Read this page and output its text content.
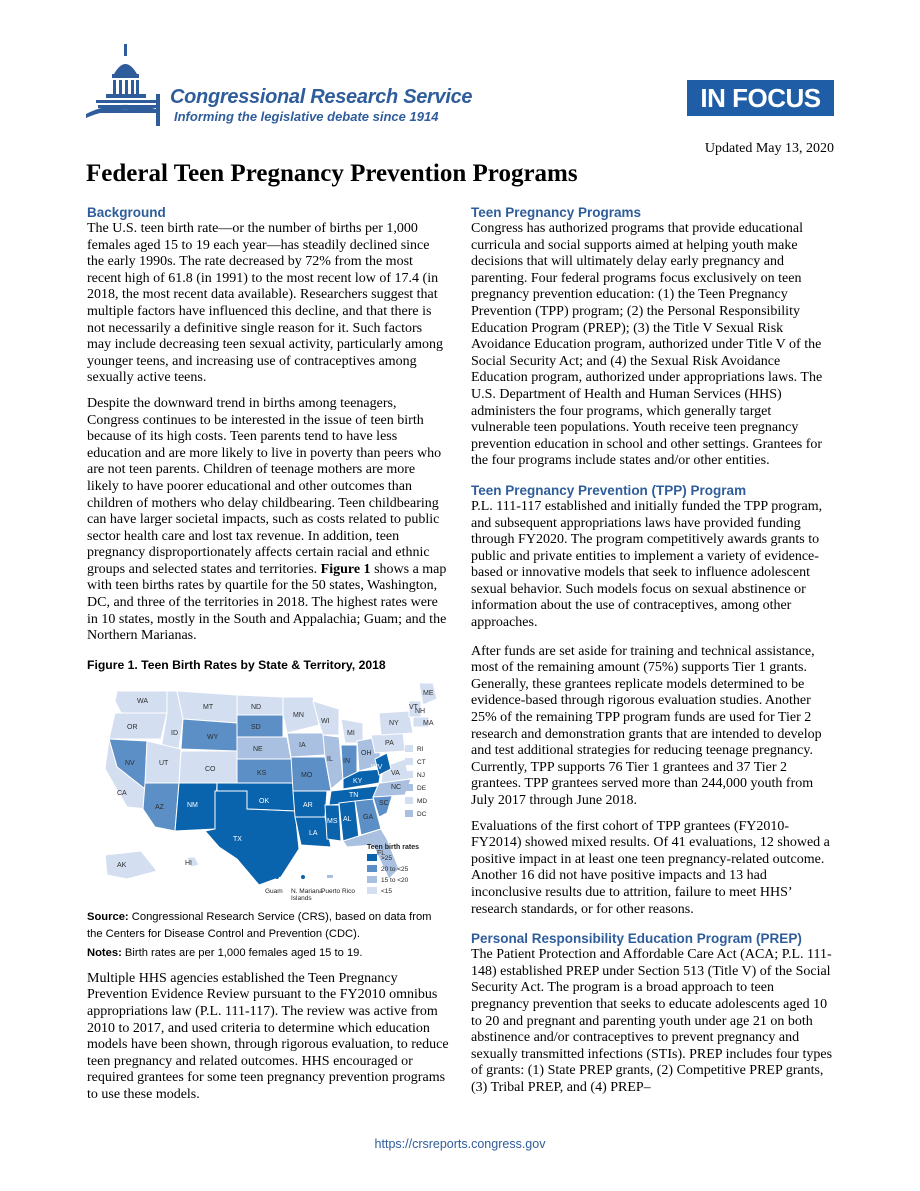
Congressional Research Service
Informing the legislative debate since 1914
IN FOCUS
Updated May 13, 2020
Federal Teen Pregnancy Prevention Programs
Background
The U.S. teen birth rate—or the number of births per 1,000 females aged 15 to 19 each year—has steadily declined since the early 1990s. The rate decreased by 72% from the most recent high of 61.8 (in 1991) to the most recent low of 17.4 (in 2018, the most recent data available). Researchers suggest that multiple factors have influenced this decline, and that there is not necessarily a definitive single reason for it. Such factors may include decreasing teen sexual activity, particularly among younger teens, and increasing use of contraceptives among sexually active teens.
Despite the downward trend in births among teenagers, Congress continues to be interested in the issue of teen birth because of its high costs. Teen parents tend to have less education and are more likely to live in poverty than peers who are not teen parents. Children of teenage mothers are more likely to have poorer educational and other outcomes than children of mothers who delay childbearing. Teen childbearing can have larger societal impacts, such as costs related to public sector health care and lost tax revenue. In addition, teen pregnancy disproportionately affects certain racial and ethnic groups and selected states and territories. Figure 1 shows a map with teen births rates by quartile for the 50 states, Washington, DC, and three of the territories in 2018. The highest rates were in 10 states, mostly in the South and Appalachia; Guam; and the Northern Marianas.
Figure 1. Teen Birth Rates by State & Territory, 2018
WA
OR
ID
MT
WY
NV
CA
UT
CO
AZ	NM
TX
ND
SD
NE
KS
OK
MN
IA
MO
AR
LA
WI
IL
MI
IN
OH
KY
TN
MS AL GA
FL
SC
NC
VA
WV
PA
NY
VT
NH
MA
ME
AK	HI
RI
CT
NJ
DE
MD
DC
Guam N. Mariana
Islands
Puerto Rico
Teen birth rates
>25
20 to <25
15 to <20
<15
Source: Congressional Research Service (CRS), based on data from the Centers for Disease Control and Prevention (CDC).
Notes: Birth rates are per 1,000 females aged 15 to 19.
Multiple HHS agencies established the Teen Pregnancy Prevention Evidence Review pursuant to the FY2010 omnibus appropriations law (P.L. 111-117). The review was active from 2010 to 2017, and used criteria to determine which education models have been shown, through rigorous evaluation, to reduce teen pregnancy and related outcomes. HHS encouraged or required grantees for some teen pregnancy prevention programs to use these models.
Teen Pregnancy Programs
Congress has authorized programs that provide educational curricula and social supports aimed at helping youth make decisions that will ultimately delay early pregnancy and parenting. Four federal programs focus exclusively on teen pregnancy prevention education: (1) the Teen Pregnancy Prevention (TPP) program; (2) the Personal Responsibility Education Program (PREP); (3) the Title V Sexual Risk Avoidance Education program, authorized under Title V of the Social Security Act; and (4) the Sexual Risk Avoidance Education program, authorized under appropriations laws. The U.S. Department of Health and Human Services (HHS) administers the four programs, which generally target vulnerable teen populations. Youth receive teen pregnancy prevention education in school and other settings. Grantees for the four programs include states and/or other entities.
Teen Pregnancy Prevention (TPP) Program
P.L. 111-117 established and initially funded the TPP program, and subsequent appropriations laws have provided funding through FY2020. The program competitively awards grants to public and private entities to implement a variety of evidence-based or innovative models that seek to influence adolescent sexual behavior. Such models focus on sexual abstinence or information about the use of contraceptives, among other approaches.
After funds are set aside for training and technical assistance, most of the remaining amount (75%) supports Tier 1 grants. Generally, these grantees replicate models determined to be evidence-based through rigorous evaluation studies. Another 25% of the remaining TPP program funds are used for Tier 2 research and demonstration grants that are intended to develop and test additional strategies for reducing teenage pregnancy. Currently, TPP supports 76 Tier 1 grantees and 37 Tier 2 grantees. TPP grantees served more than 244,000 youth from July 2017 through June 2018.
Evaluations of the first cohort of TPP grantees (FY2010-FY2014) showed mixed results. Of 41 evaluations, 12 showed a positive impact in at least one teen pregnancy-related outcome. Another 16 did not have positive impacts and 13 had inconclusive results due to attrition, failure to meet HHS’ research standards, or for other reasons.
Personal Responsibility Education Program (PREP)
The Patient Protection and Affordable Care Act (ACA; P.L. 111-148) established PREP under Section 513 (Title V) of the Social Security Act. The program is a broad approach to teen pregnancy prevention that seeks to educate adolescents aged 10 to 20 and pregnant and parenting youth under age 21 on both abstinence and/or contraceptives to prevent pregnancy and sexually transmitted infections (STIs). PREP includes four types of grants: (1) State PREP grants, (2) Competitive PREP grants, (3) Tribal PREP, and (4) PREP–
https://crsreports.congress.gov
